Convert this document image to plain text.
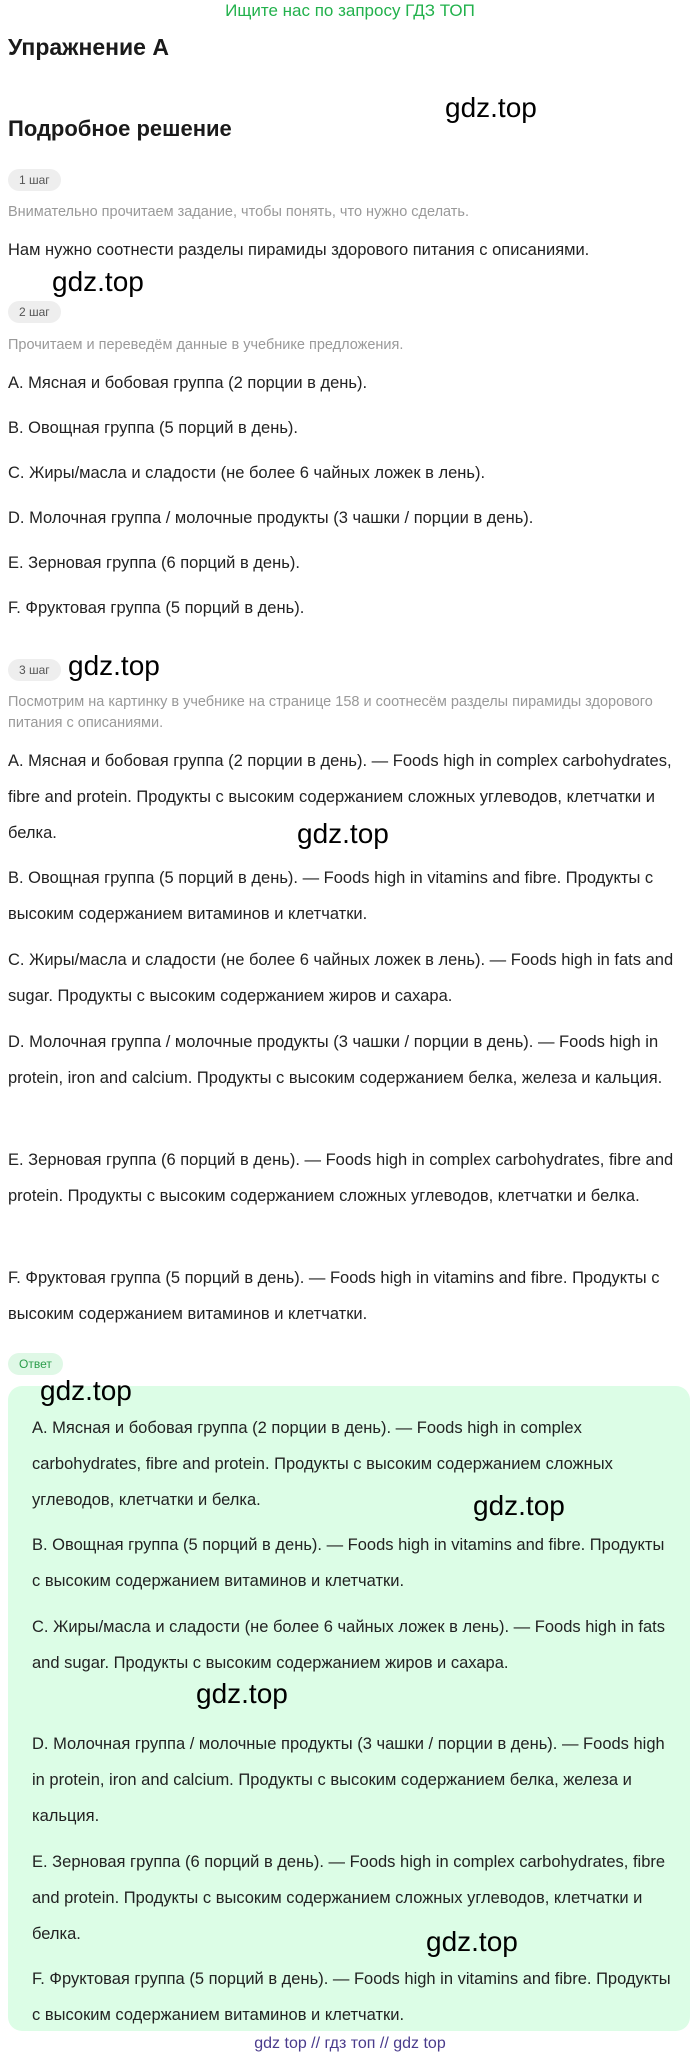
Ищите нас по запросу ГДЗ ТОП
Упражнение А
Подробное решение
1 шаг
Внимательно прочитаем задание, чтобы понять, что нужно сделать.
Нам нужно соотнести разделы пирамиды здорового питания с описаниями.
2 шаг
Прочитаем и переведём данные в учебнике предложения.
A. Мясная и бобовая группа (2 порции в день).
B. Овощная группа (5 порций в день).
C. Жиры/масла и сладости (не более 6 чайных ложек в лень).
D. Молочная группа / молочные продукты (3 чашки / порции в день).
E. Зерновая группа (6 порций в день).
F. Фруктовая группа (5 порций в день).
3 шаг
Посмотрим на картинку в учебнике на странице 158 и соотнесём разделы пирамиды здорового питания с описаниями.
A. Мясная и бобовая группа (2 порции в день). — Foods high in complex carbohydrates, fibre and protein. Продукты с высоким содержанием сложных углеводов, клетчатки и белка.
B. Овощная группа (5 порций в день). — Foods high in vitamins and fibre. Продукты с высоким содержанием витаминов и клетчатки.
C. Жиры/масла и сладости (не более 6 чайных ложек в лень). — Foods high in fats and sugar. Продукты с высоким содержанием жиров и сахара.
D. Молочная группа / молочные продукты (3 чашки / порции в день). — Foods high in protein, iron and calcium. Продукты с высоким содержанием белка, железа и кальция.
E. Зерновая группа (6 порций в день). — Foods high in complex carbohydrates, fibre and protein. Продукты с высоким содержанием сложных углеводов, клетчатки и белка.
F. Фруктовая группа (5 порций в день). — Foods high in vitamins and fibre. Продукты с высоким содержанием витаминов и клетчатки.
Ответ
A. Мясная и бобовая группа (2 порции в день). — Foods high in complex carbohydrates, fibre and protein. Продукты с высоким содержанием сложных углеводов, клетчатки и белка.
B. Овощная группа (5 порций в день). — Foods high in vitamins and fibre. Продукты с высоким содержанием витаминов и клетчатки.
C. Жиры/масла и сладости (не более 6 чайных ложек в лень). — Foods high in fats and sugar. Продукты с высоким содержанием жиров и сахара.
D. Молочная группа / молочные продукты (3 чашки / порции в день). — Foods high in protein, iron and calcium. Продукты с высоким содержанием белка, железа и кальция.
E. Зерновая группа (6 порций в день). — Foods high in complex carbohydrates, fibre and protein. Продукты с высоким содержанием сложных углеводов, клетчатки и белка.
F. Фруктовая группа (5 порций в день). — Foods high in vitamins and fibre. Продукты с высоким содержанием витаминов и клетчатки.
gdz.top
gdz.top
gdz.top
gdz.top
gdz.top
gdz.top
gdz.top
gdz.top
gdz top // гдз топ // gdz top
